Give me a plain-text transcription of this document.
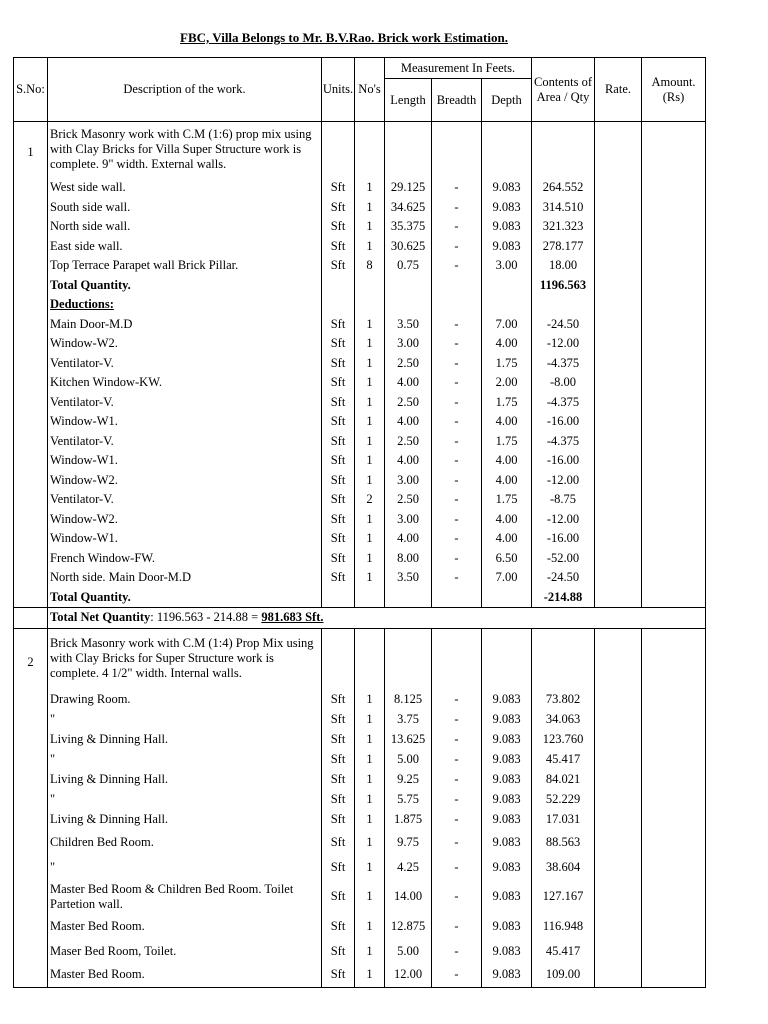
FBC, Villa Belongs to Mr. B.V.Rao. Brick work Estimation.
S.No:	Description of the work.	Units.	No's	Measurement In Feets.			Contents of Area / Qty	Rate.	Amount. (Rs)
				Length	Breadth	Depth			

1	Brick Masonry work with C.M (1:6) prop mix using with Clay Bricks for Villa Super Structure work is complete. 9" width. External walls.								
	West side wall.	Sft	1	29.125	-	9.083	264.552		
	South side wall.	Sft	1	34.625	-	9.083	314.510		
	North side wall.	Sft	1	35.375	-	9.083	321.323		
	East side wall.	Sft	1	30.625	-	9.083	278.177		
	Top Terrace Parapet wall Brick Pillar.	Sft	8	0.75	-	3.00	18.00		
	Total Quantity.						1196.563		
	Deductions:								
	Main Door-M.D	Sft	1	3.50	-	7.00	-24.50		
	Window-W2.	Sft	1	3.00	-	4.00	-12.00		
	Ventilator-V.	Sft	1	2.50	-	1.75	-4.375		
	Kitchen Window-KW.	Sft	1	4.00	-	2.00	-8.00		
	Ventilator-V.	Sft	1	2.50	-	1.75	-4.375		
	Window-W1.	Sft	1	4.00	-	4.00	-16.00		
	Ventilator-V.	Sft	1	2.50	-	1.75	-4.375		
	Window-W1.	Sft	1	4.00	-	4.00	-16.00		
	Window-W2.	Sft	1	3.00	-	4.00	-12.00		
	Ventilator-V.	Sft	2	2.50	-	1.75	-8.75		
	Window-W2.	Sft	1	3.00	-	4.00	-12.00		
	Window-W1.	Sft	1	4.00	-	4.00	-16.00		
	French Window-FW.	Sft	1	8.00	-	6.50	-52.00		
	North side. Main Door-M.D	Sft	1	3.50	-	7.00	-24.50		
	Total Quantity.						-214.88		
	Total Net Quantity: 1196.563 - 214.88 = 981.683 Sft.								

2	Brick Masonry work with C.M (1:4) Prop Mix using with Clay Bricks for Super Structure work is complete. 4 1/2" width. Internal walls.								
	Drawing Room.	Sft	1	8.125	-	9.083	73.802		
	"	Sft	1	3.75	-	9.083	34.063		
	Living & Dinning Hall.	Sft	1	13.625	-	9.083	123.760		
	"	Sft	1	5.00	-	9.083	45.417		
	Living & Dinning Hall.	Sft	1	9.25	-	9.083	84.021		
	"	Sft	1	5.75	-	9.083	52.229		
	Living & Dinning Hall.	Sft	1	1.875	-	9.083	17.031		
	Children Bed Room.	Sft	1	9.75	-	9.083	88.563		
	"	Sft	1	4.25	-	9.083	38.604		
	Master Bed Room & Children Bed Room. Toilet Partetion wall.	Sft	1	14.00	-	9.083	127.167		
	Master Bed Room.	Sft	1	12.875	-	9.083	116.948		
	Maser Bed Room, Toilet.	Sft	1	5.00	-	9.083	45.417		
	Master Bed Room.	Sft	1	12.00	-	9.083	109.00		
